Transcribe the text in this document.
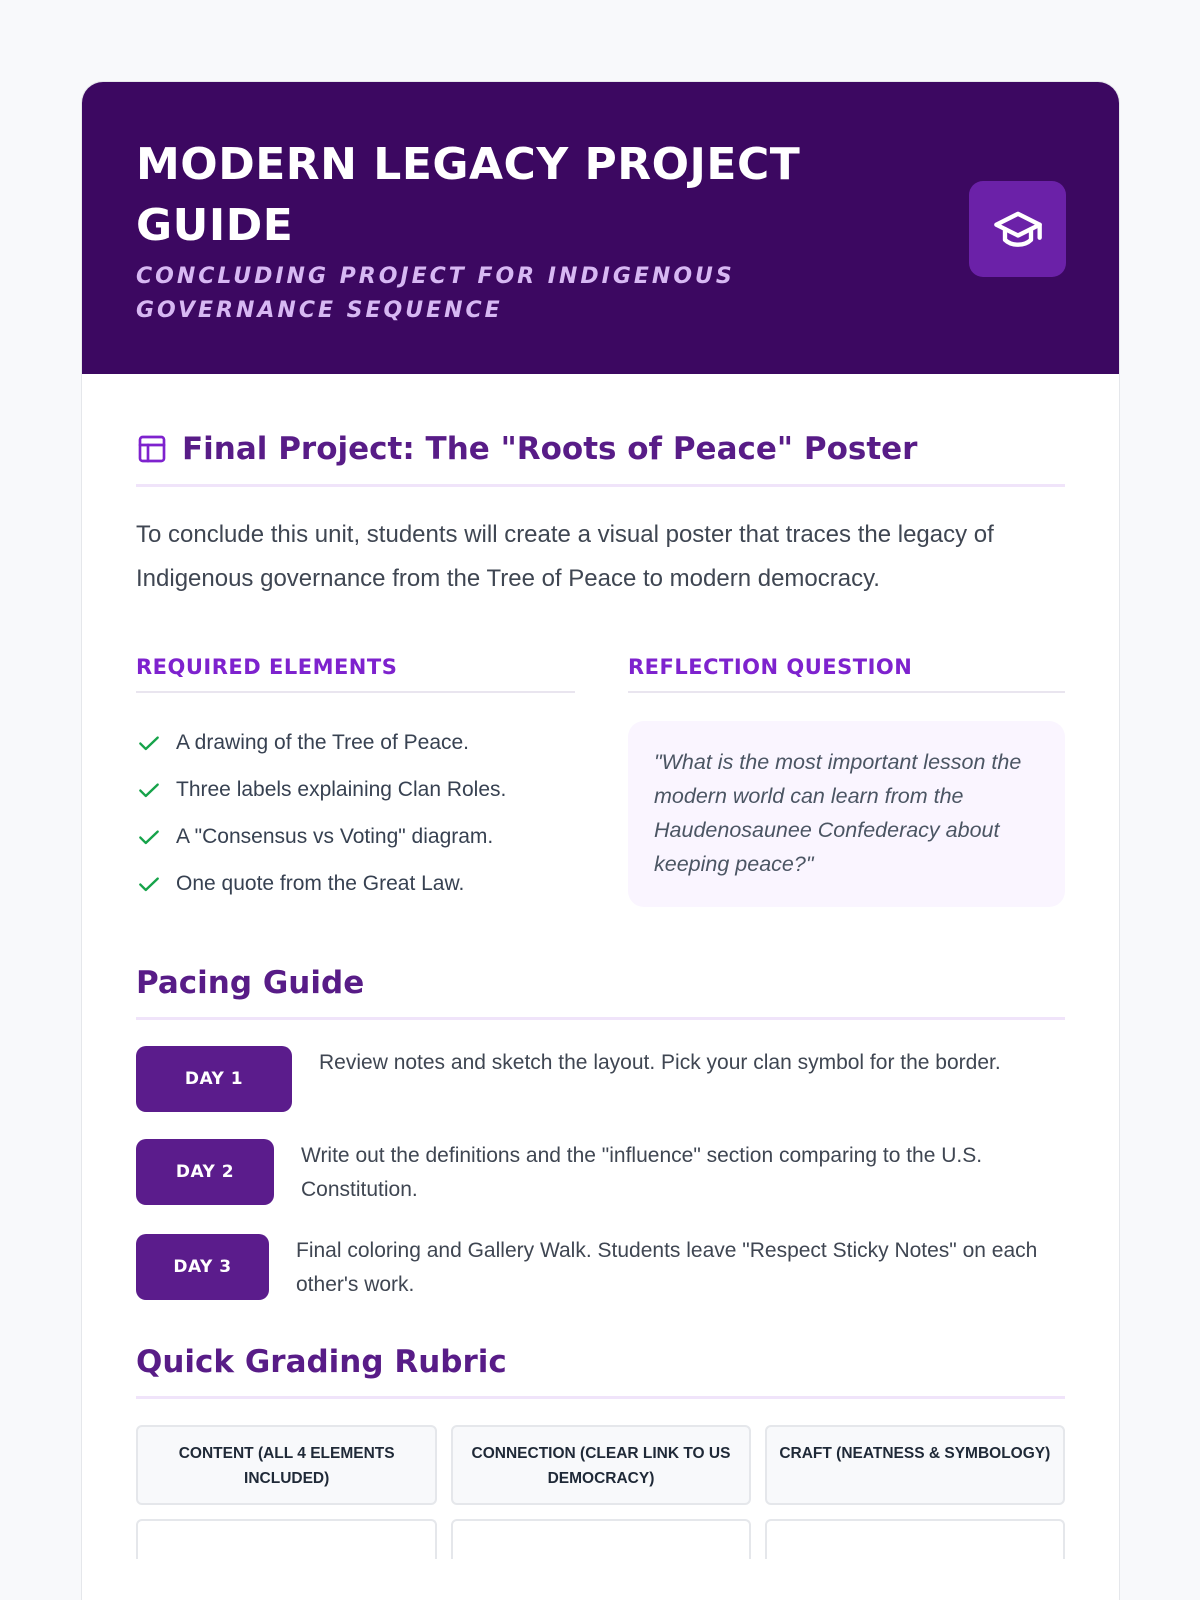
MODERN LEGACY PROJECT GUIDE
CONCLUDING PROJECT FOR INDIGENOUS GOVERNANCE SEQUENCE
Final Project: The "Roots of Peace" Poster

To conclude this unit, students will create a visual poster that traces the legacy of Indigenous governance from the Tree of Peace to modern democracy.

REQUIRED ELEMENTS
A drawing of the Tree of Peace.
Three labels explaining Clan Roles.
A "Consensus vs Voting" diagram.
One quote from the Great Law.
REFLECTION QUESTION
"What is the most important lesson the modern world can learn from the Haudenosaunee Confederacy about keeping peace?"
Pacing Guide
DAY 1
Review notes and sketch the layout. Pick your clan symbol for the border.
DAY 2
Write out the definitions and the "influence" section comparing to the U.S. Constitution.
DAY 3
Final coloring and Gallery Walk. Students leave "Respect Sticky Notes" on each other's work.
Quick Grading Rubric
CONTENT (ALL 4 ELEMENTS INCLUDED)
CONNECTION (CLEAR LINK TO US DEMOCRACY)
CRAFT (NEATNESS & SYMBOLOGY)
